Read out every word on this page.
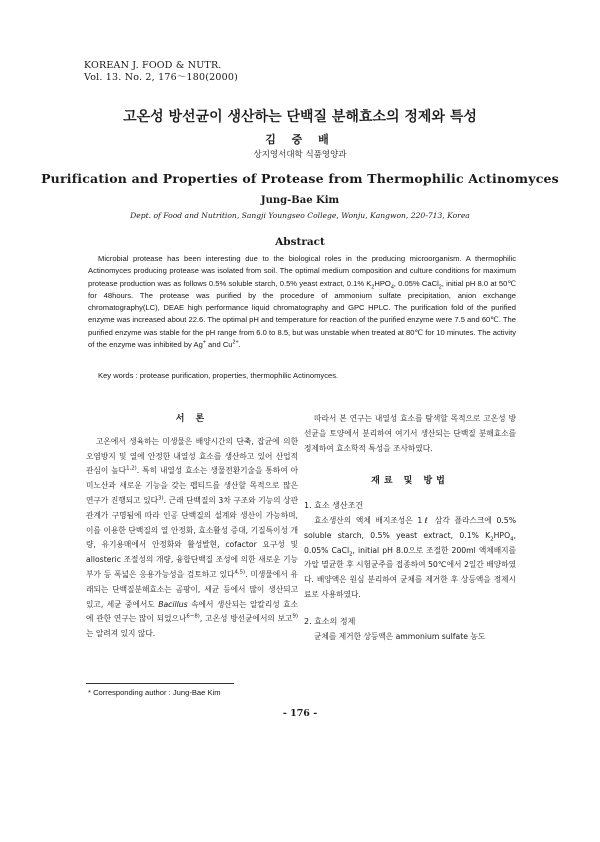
KOREAN J. FOOD & NUTR.
Vol. 13. No. 2, 176～180(2000)
고온성 방선균이 생산하는 단백질 분해효소의 정제와 특성
김 중 배
상지영서대학 식품영양과
Purification and Properties of Protease from Thermophilic Actinomyces
Jung-Bae Kim
Dept. of Food and Nutrition, Sangji Youngseo College, Wonju, Kangwon, 220-713, Korea
Abstract

Microbial protease has been interesting due to the biological roles in the producing microorganism. A thermophilic Actinomyces producing protease was isolated from soil. The optimal medium composition and culture conditions for maximum protease production was as follows 0.5% soluble starch, 0.5% yeast extract, 0.1% $K_2HPO_4$, 0.05% CaCl$_2$, initial pH 8.0 at 50℃ for 48hours. The protease was purified by the procedure of ammonium sulfate precipitation, anion exchange chromatography(LC), DEAE high performance liquid chromatography and GPC HPLC. The purification fold of the purified enzyme was increased about 22.6. The optimal pH and temperature for reaction of the purified enzyme were 7.5 and 60℃. The purified enzyme was stable for the pH range from 6.0 to 8.5, but was unstable when treated at 80℃ for 10 minutes. The activity of the enzyme was inhibited by Ag+ and $Cu^{2+}$.

Key words : protease purification, properties, thermophilic Actinomyces.

서 론

고온에서 생육하는 미생물은 배양시간의 단축, 잡균에 의한 오염방지 및 열에 안정한 내열성 효소를 생산하고 있어 산업적 관심이 높다$^{1,2)}$. 특히 내열성 효소는 생물전환기술을 통하여 아미노산과 새로운 기능을 갖는 펩티드를 생산할 목적으로 많은 연구가 진행되고 있다$^{3)}$. 근래 단백질의 3차 구조와 기능의 상관관계가 구명됨에 따라 인공 단백질의 설계와 생산이 가능하며, 이를 이용한 단백질의 열 안정화, 효소활성 증대, 기질특이성 개량, 유기용매에서 안정화와 활성발현, cofactor 요구성 및 allosteric 조절성의 개량, 융합단백질 조성에 의한 새로운 기능 부가 등 폭넓은 응용가능성을 검토하고 있다$^{4,5)}$. 미생물에서 유래되는 단백질분해효소는 곰팡이, 세균 등에서 많이 생산되고 있고, 세균 중에서도 Bacillus 속에서 생산되는 알칼리성 효소에 관한 연구는 많이 되었으나$^{6\sim 8)}$, 고온성 방선균에서의 보고$^{9)}$는 알려져 있지 않다.

따라서 본 연구는 내열성 효소를 탐색할 목적으로 고온성 방선균을 토양에서 분리하여 여기서 생산되는 단백질 분해효소를 정제하여 효소학적 특성을 조사하였다.

재료 및 방법

1. 효소 생산조건

효소생산의 액체 배지조성은 1ℓ 삼각 플라스크에 0.5% soluble starch, 0.5% yeast extract, 0.1% $K_2HPO_4$, 0.05% CaCl$_2$, initial pH 8.0으로 조절한 200ml 액체배지를 가압 멸균한 후 시험균주를 접종하여 50℃에서 2일간 배양하였다. 배양액은 원심 분리하여 균체를 제거한 후 상등액을 정제시료로 사용하였다.

2. 효소의 정제

균체를 제거한 상등액은 ammonium sulfate 농도

* Corresponding author : Jung-Bae Kim
- 176 -
